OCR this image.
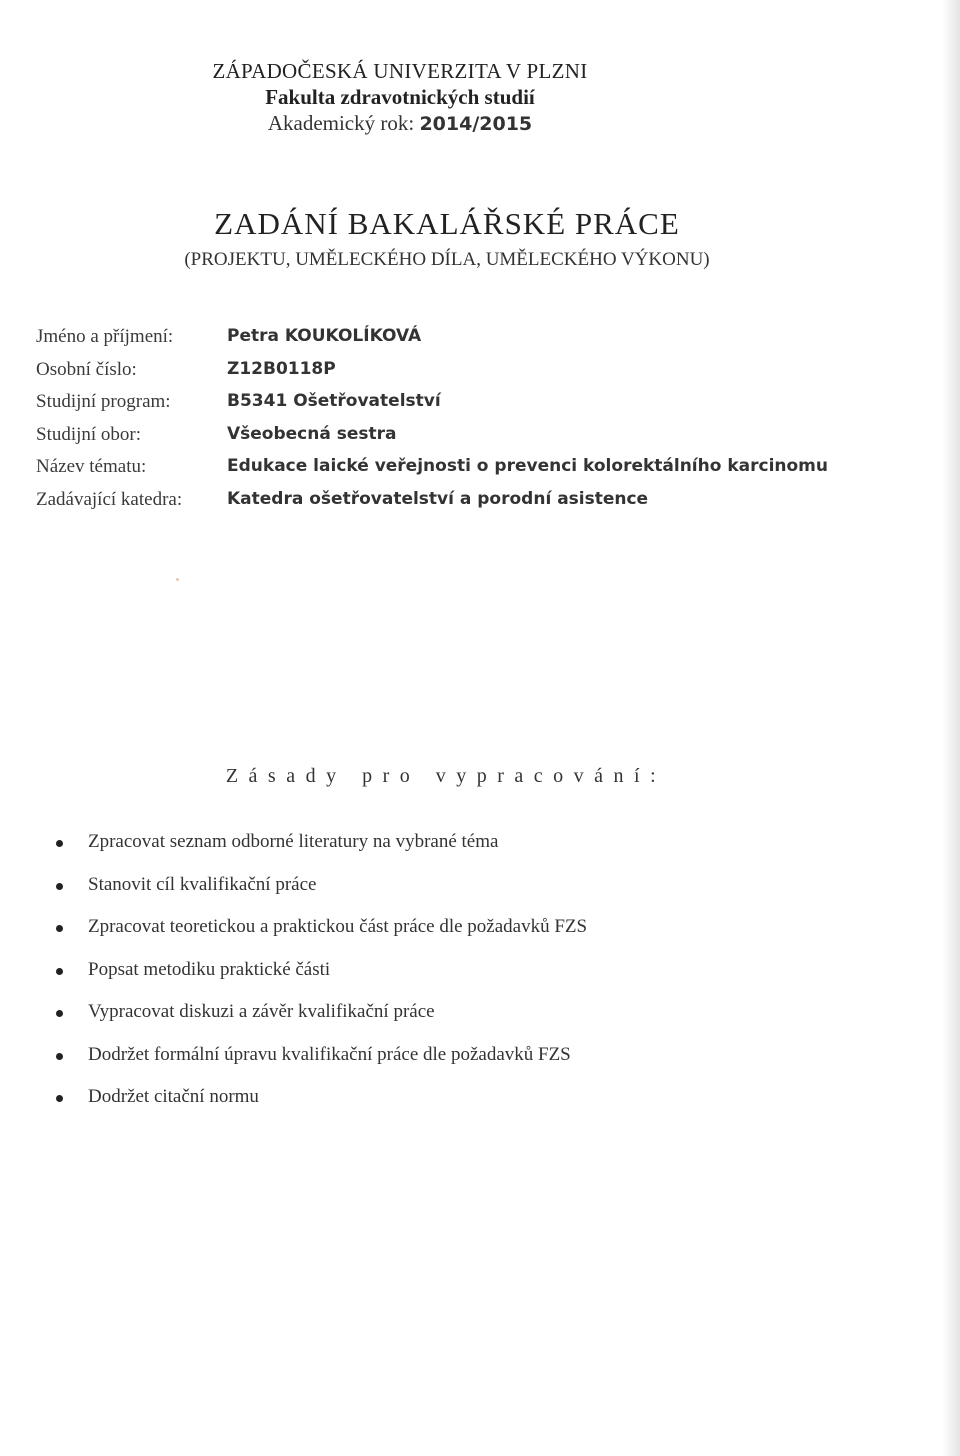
ZÁPADOČESKÁ UNIVERZITA V PLZNI
Fakulta zdravotnických studií
Akademický rok: 2014/2015
ZADÁNÍ BAKALÁŘSKÉ PRÁCE
(PROJEKTU, UMĚLECKÉHO DÍLA, UMĚLECKÉHO VÝKONU)
Jméno a příjmení:	Petra KOUKOLÍKOVÁ
Osobní číslo:	Z12B0118P
Studijní program:	B5341 Ošetřovatelství
Studijní obor:	Všeobecná sestra
Název tématu:	Edukace laické veřejnosti o prevenci kolorektálního karcinomu
Zadávající katedra:	Katedra ošetřovatelství a porodní asistence
Zásady pro vypracování:
Zpracovat seznam odborné literatury na vybrané téma
Stanovit cíl kvalifikační práce
Zpracovat teoretickou a praktickou část práce dle požadavků FZS
Popsat metodiku praktické části
Vypracovat diskuzi a závěr kvalifikační práce
Dodržet formální úpravu kvalifikační práce dle požadavků FZS
Dodržet citační normu
